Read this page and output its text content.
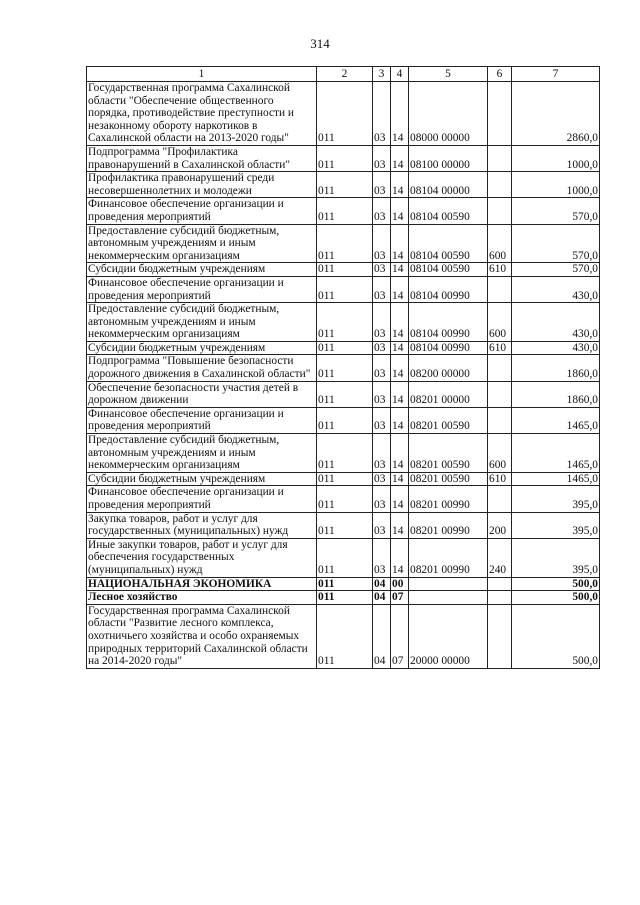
314
1	2	3	4	5	6	7
Государственная программа Сахалинской области "Обеспечение общественного порядка, противодействие преступности и незаконному обороту наркотиков в Сахалинской области на 2013-2020 годы"	011	03	14	08000 00000		2860,0
Подпрограмма "Профилактика правонарушений в Сахалинской области"	011	03	14	08100 00000		1000,0
Профилактика правонарушений среди несовершеннолетних и молодежи	011	03	14	08104 00000		1000,0
Финансовое обеспечение организации и проведения мероприятий	011	03	14	08104 00590		570,0
Предоставление субсидий бюджетным, автономным учреждениям и иным некоммерческим организациям	011	03	14	08104 00590	600	570,0
Субсидии бюджетным учреждениям	011	03	14	08104 00590	610	570,0
Финансовое обеспечение организации и проведения мероприятий	011	03	14	08104 00990		430,0
Предоставление субсидий бюджетным, автономным учреждениям и иным некоммерческим организациям	011	03	14	08104 00990	600	430,0
Субсидии бюджетным учреждениям	011	03	14	08104 00990	610	430,0
Подпрограмма "Повышение безопасности дорожного движения в Сахалинской области"	011	03	14	08200 00000		1860,0
Обеспечение безопасности участия детей в дорожном движении	011	03	14	08201 00000		1860,0
Финансовое обеспечение организации и проведения мероприятий	011	03	14	08201 00590		1465,0
Предоставление субсидий бюджетным, автономным учреждениям и иным некоммерческим организациям	011	03	14	08201 00590	600	1465,0
Субсидии бюджетным учреждениям	011	03	14	08201 00590	610	1465,0
Финансовое обеспечение организации и проведения мероприятий	011	03	14	08201 00990		395,0
Закупка товаров, работ и услуг для государственных (муниципальных) нужд	011	03	14	08201 00990	200	395,0
Иные закупки товаров, работ и услуг для обеспечения государственных (муниципальных) нужд	011	03	14	08201 00990	240	395,0
НАЦИОНАЛЬНАЯ ЭКОНОМИКА	011	04	00			500,0
Лесное хозяйство	011	04	07			500,0
Государственная программа Сахалинской области "Развитие лесного комплекса, охотничьего хозяйства и особо охраняемых природных территорий Сахалинской области на 2014-2020 годы"	011	04	07	20000 00000		500,0
